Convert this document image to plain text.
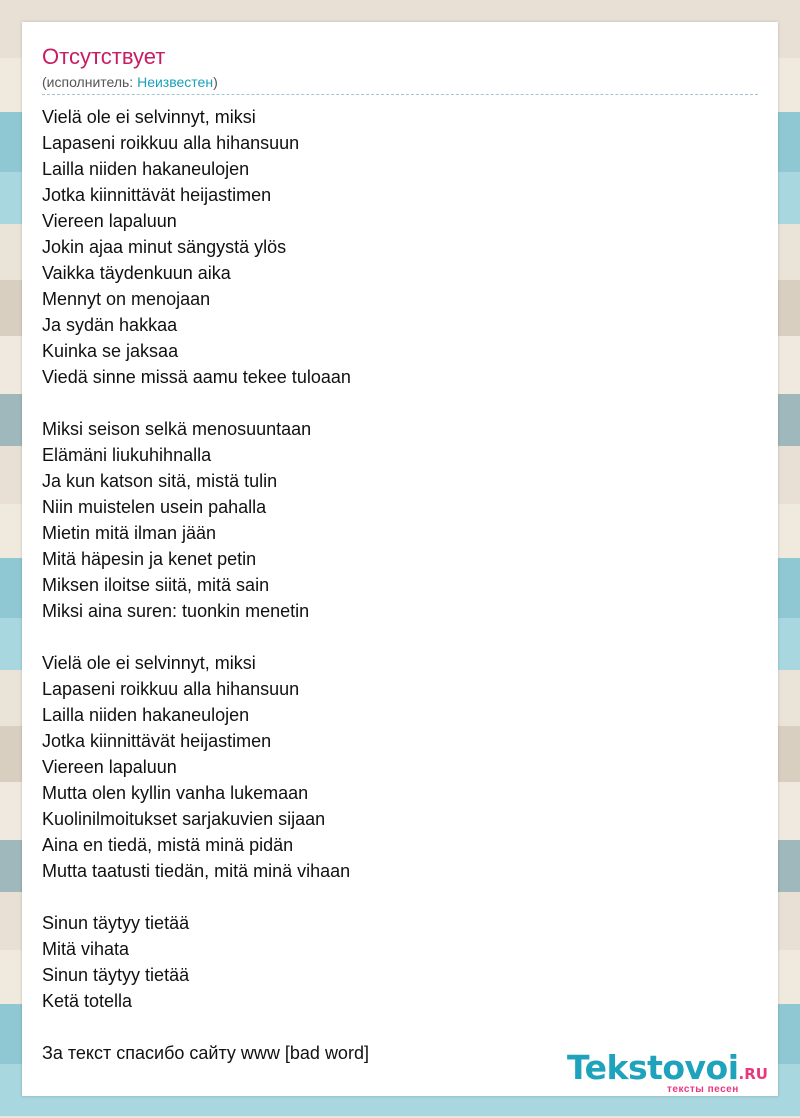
Отсутствует
(исполнитель: Неизвестен)
Vielä ole ei selvinnyt, miksi
Lapaseni roikkuu alla hihansuun
Lailla niiden hakaneulojen
Jotka kiinnittävät heijastimen
Viereen lapaluun
Jokin ajaa minut sängystä ylös
Vaikka täydenkuun aika
Mennyt on menojaan
Ja sydän hakkaa
Kuinka se jaksaa
Viedä sinne missä aamu tekee tuloaan
Miksi seison selkä menosuuntaan
Elämäni liukuhihnalla
Ja kun katson sitä, mistä tulin
Niin muistelen usein pahalla
Mietin mitä ilman jään
Mitä häpesin ja kenet petin
Miksen iloitse siitä, mitä sain
Miksi aina suren: tuonkin menetin
Vielä ole ei selvinnyt, miksi
Lapaseni roikkuu alla hihansuun
Lailla niiden hakaneulojen
Jotka kiinnittävät heijastimen
Viereen lapaluun
Mutta olen kyllin vanha lukemaan
Kuolinilmoitukset sarjakuvien sijaan
Aina en tiedä, mistä minä pidän
Mutta taatusti tiedän, mitä minä vihaan
Sinun täytyy tietää
Mitä vihata
Sinun täytyy tietää
Ketä totella
За текст спасибо сайту www [bad word]	Tekstovoi.RU
тексты песен
